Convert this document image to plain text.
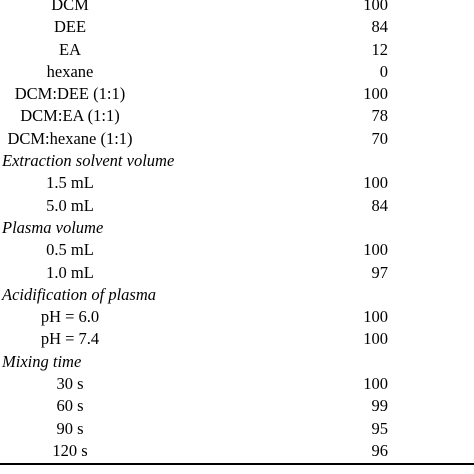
DCM	100
DEE	84
EA	12
hexane	0
DCM:DEE (1:1)	100
DCM:EA (1:1)	78
DCM:hexane (1:1)	70
Extraction solvent volume
1.5 mL	100
5.0 mL	84
Plasma volume
0.5 mL	100
1.0 mL	97
Acidification of plasma
pH = 6.0	100
pH = 7.4	100
Mixing time
30 s	100
60 s	99
90 s	95
120 s	96
